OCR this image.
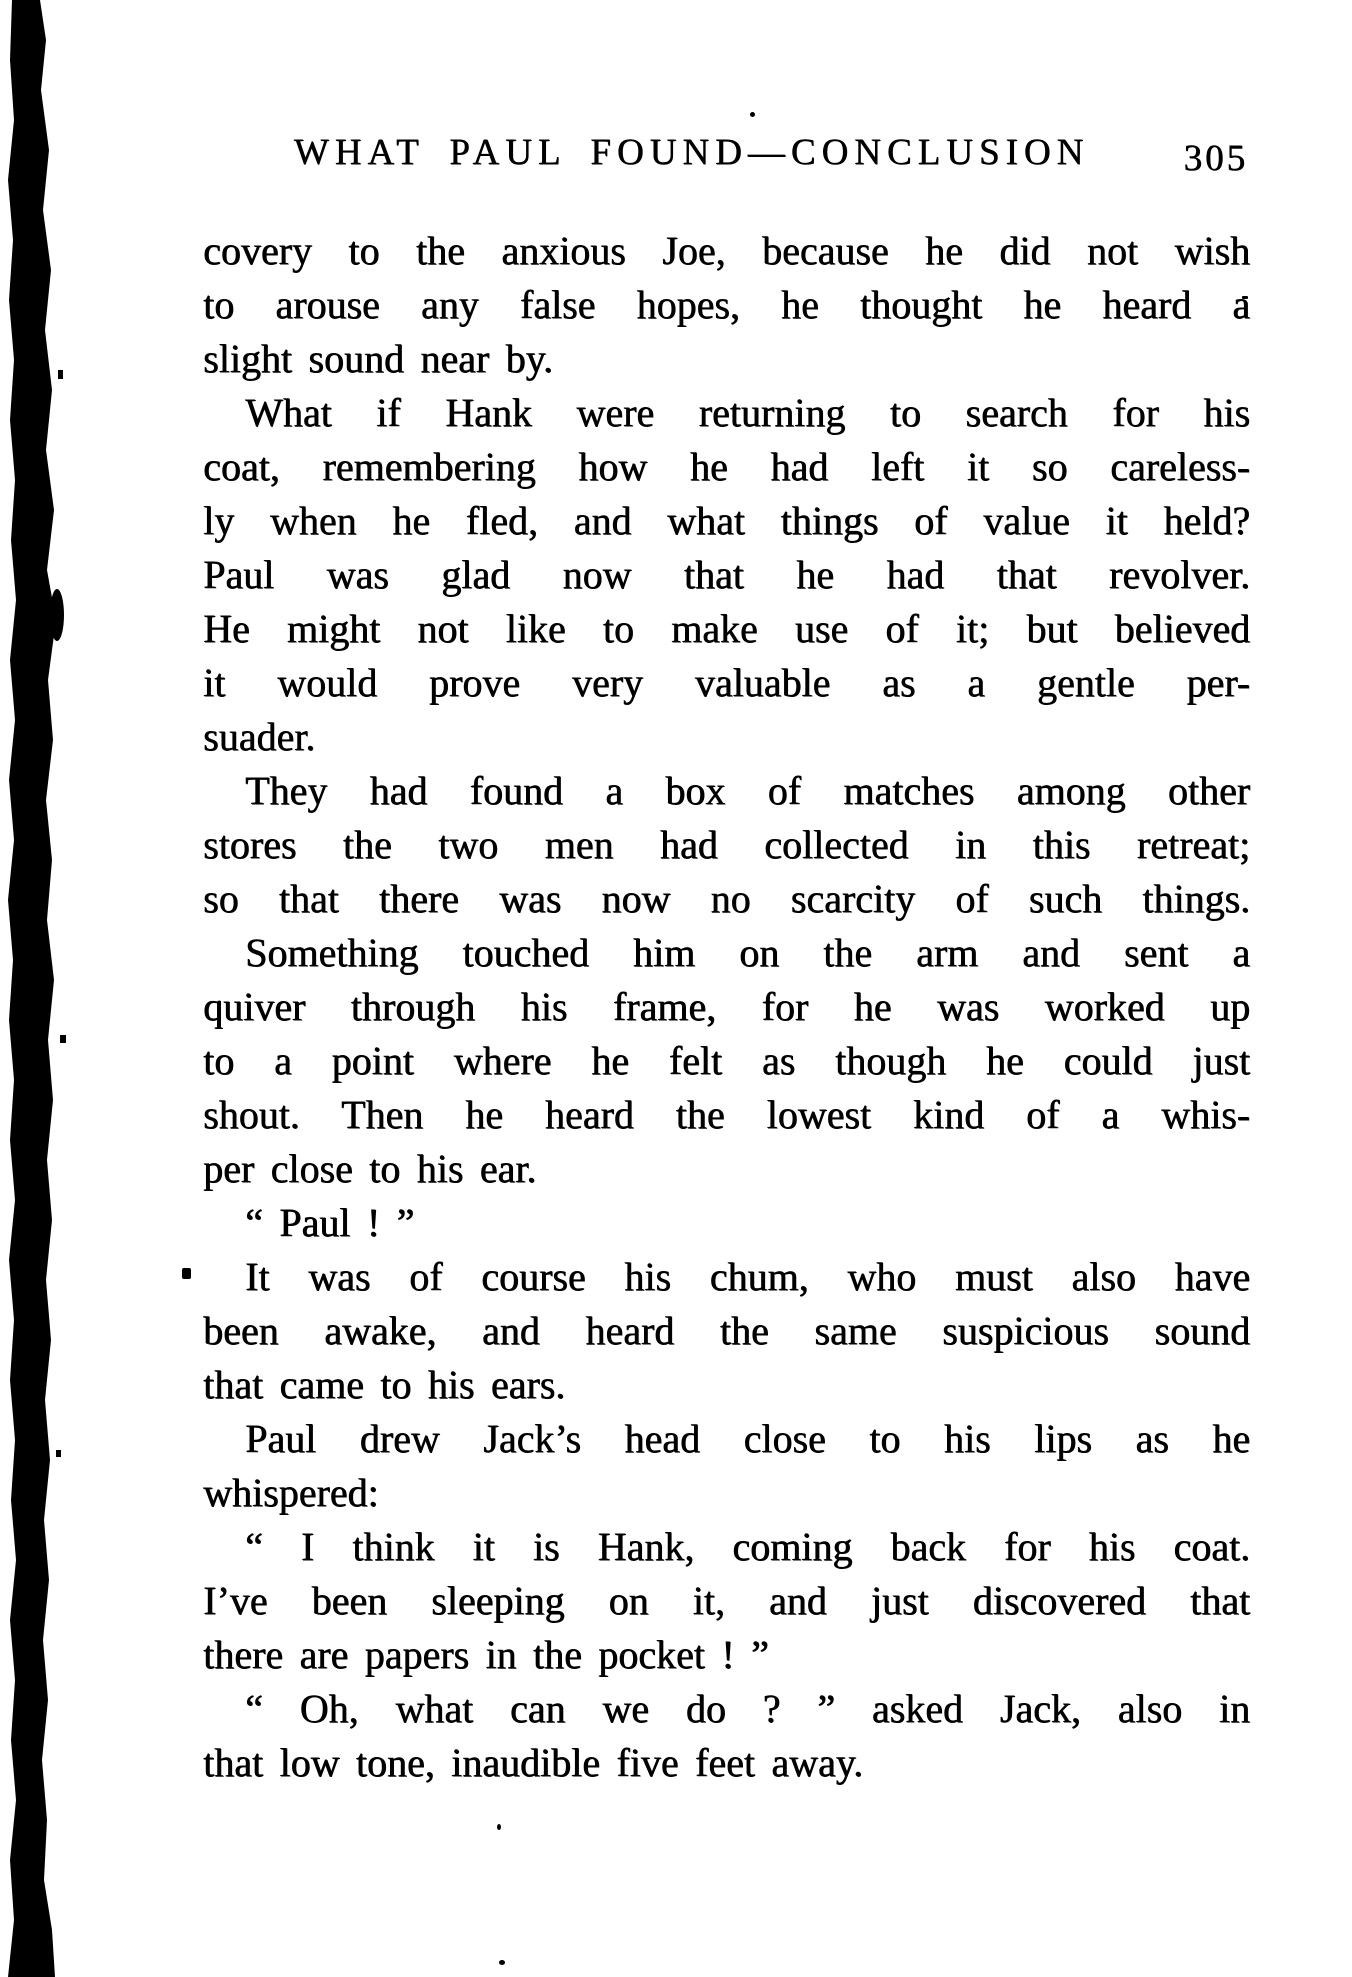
WHAT PAUL FOUND—CONCLUSION	305
covery to the anxious Joe, because he did not wish
to arouse any false hopes, he thought he heard a
slight sound near by.
What if Hank were returning to search for his
coat, remembering how he had left it so careless-
ly when he fled, and what things of value it held?
Paul was glad now that he had that revolver.
He might not like to make use of it; but believed
it would prove very valuable as a gentle per-
suader.
They had found a box of matches among other
stores the two men had collected in this retreat;
so that there was now no scarcity of such things.
Something touched him on the arm and sent a
quiver through his frame, for he was worked up
to a point where he felt as though he could just
shout. Then he heard the lowest kind of a whis-
per close to his ear.
“ Paul ! ”
It was of course his chum, who must also have
been awake, and heard the same suspicious sound
that came to his ears.
Paul drew Jack’s head close to his lips as he
whispered:
“ I think it is Hank, coming back for his coat.
I’ve been sleeping on it, and just discovered that
there are papers in the pocket ! ”
“ Oh, what can we do ? ” asked Jack, also in
that low tone, inaudible five feet away.
